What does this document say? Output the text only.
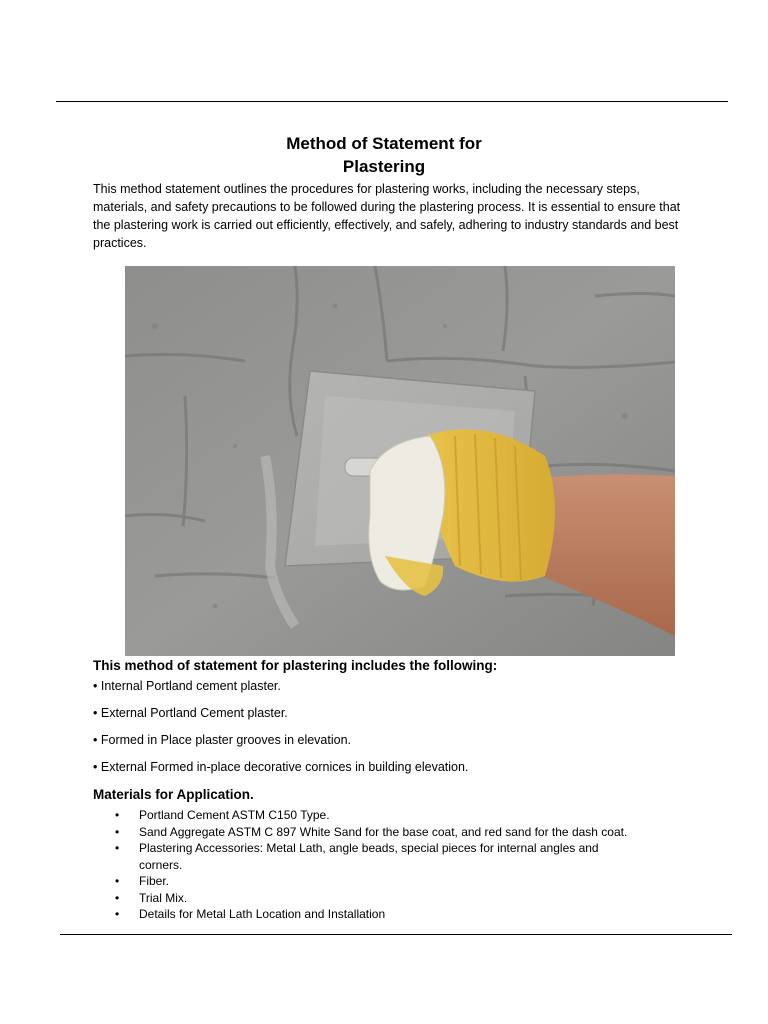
Method of Statement for
Plastering

This method statement outlines the procedures for plastering works, including the necessary steps, materials, and safety precautions to be followed during the plastering process. It is essential to ensure that the plastering work is carried out efficiently, effectively, and safely, adhering to industry standards and best practices.

This method of statement for plastering includes the following:
• Internal Portland cement plaster.
• External Portland Cement plaster.
• Formed in Place plaster grooves in elevation.
• External Formed in-place decorative cornices in building elevation.
Materials for Application.
• Portland Cement ASTM C150 Type.
• Sand Aggregate ASTM C 897 White Sand for the base coat, and red sand for the dash coat.
• Plastering Accessories: Metal Lath, angle beads, special pieces for internal angles and corners.
• Fiber.
• Trial Mix.
• Details for Metal Lath Location and Installation
